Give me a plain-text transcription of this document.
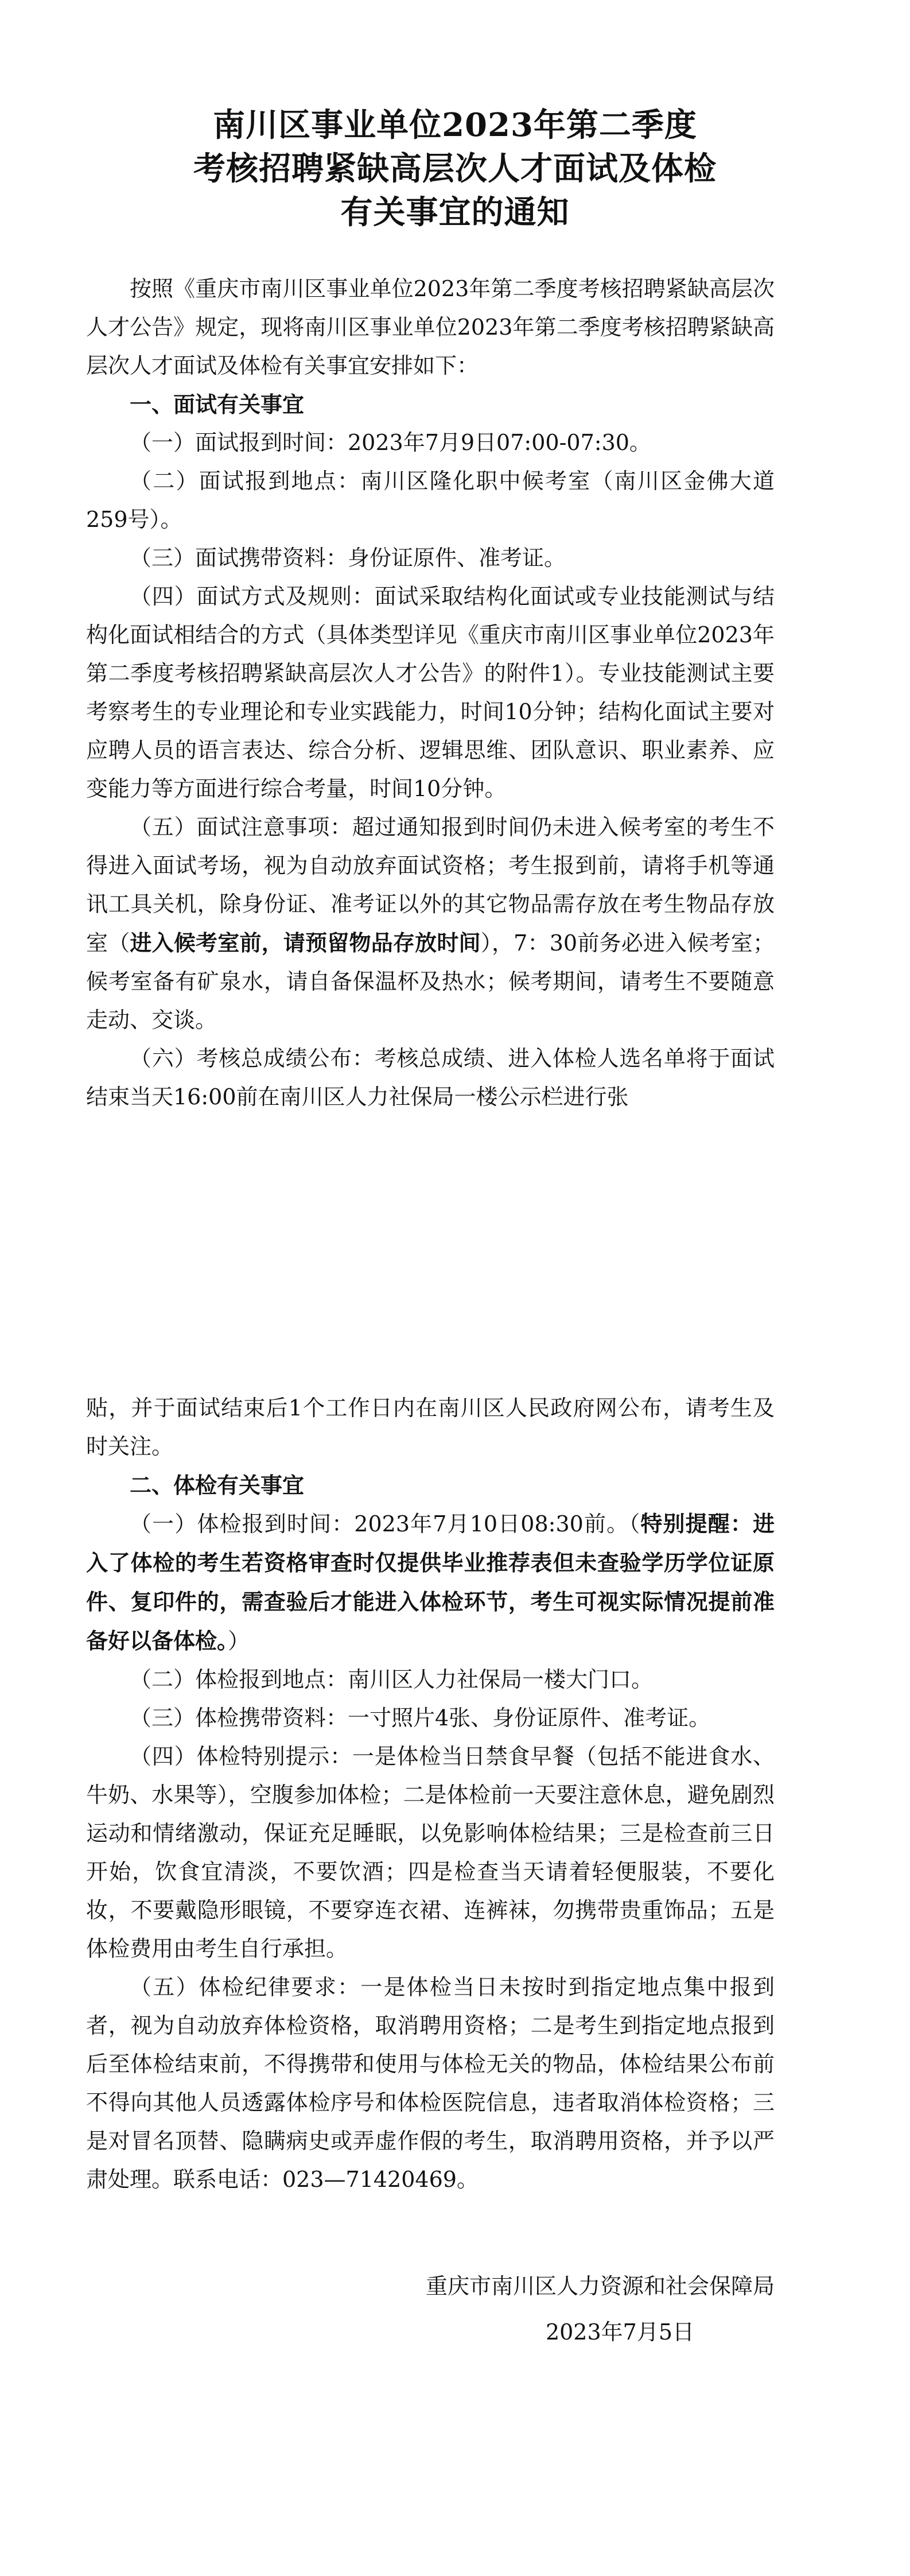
南川区事业单位2023年第二季度
考核招聘紧缺高层次人才面试及体检
有关事宜的通知

按照《重庆市南川区事业单位2023年第二季度考核招聘紧缺高层次人才公告》规定，现将南川区事业单位2023年第二季度考核招聘紧缺高层次人才面试及体检有关事宜安排如下：

一、面试有关事宜

（一）面试报到时间：2023年7月9日07:00-07:30。

（二）面试报到地点：南川区隆化职中候考室（南川区金佛大道259号）。

（三）面试携带资料：身份证原件、准考证。

（四）面试方式及规则：面试采取结构化面试或专业技能测试与结构化面试相结合的方式（具体类型详见《重庆市南川区事业单位2023年第二季度考核招聘紧缺高层次人才公告》的附件1）。专业技能测试主要考察考生的专业理论和专业实践能力，时间10分钟；结构化面试主要对应聘人员的语言表达、综合分析、逻辑思维、团队意识、职业素养、应变能力等方面进行综合考量，时间10分钟。

（五）面试注意事项：超过通知报到时间仍未进入候考室的考生不得进入面试考场，视为自动放弃面试资格；考生报到前，请将手机等通讯工具关机，除身份证、准考证以外的其它物品需存放在考生物品存放室（进入候考室前，请预留物品存放时间），7：30前务必进入候考室；候考室备有矿泉水，请自备保温杯及热水；候考期间，请考生不要随意走动、交谈。

（六）考核总成绩公布：考核总成绩、进入体检人选名单将于面试结束当天16:00前在南川区人力社保局一楼公示栏进行张

贴，并于面试结束后1个工作日内在南川区人民政府网公布，请考生及时关注。

二、体检有关事宜

（一）体检报到时间：2023年7月10日08:30前。（特别提醒：进入了体检的考生若资格审查时仅提供毕业推荐表但未查验学历学位证原件、复印件的，需查验后才能进入体检环节，考生可视实际情况提前准备好以备体检。）

（二）体检报到地点：南川区人力社保局一楼大门口。

（三）体检携带资料：一寸照片4张、身份证原件、准考证。

（四）体检特别提示：一是体检当日禁食早餐（包括不能进食水、牛奶、水果等），空腹参加体检；二是体检前一天要注意休息，避免剧烈运动和情绪激动，保证充足睡眠，以免影响体检结果；三是检查前三日开始，饮食宜清淡，不要饮酒；四是检查当天请着轻便服装，不要化妆，不要戴隐形眼镜，不要穿连衣裙、连裤袜，勿携带贵重饰品；五是体检费用由考生自行承担。

（五）体检纪律要求：一是体检当日未按时到指定地点集中报到者，视为自动放弃体检资格，取消聘用资格；二是考生到指定地点报到后至体检结束前，不得携带和使用与体检无关的物品，体检结果公布前不得向其他人员透露体检序号和体检医院信息，违者取消体检资格；三是对冒名顶替、隐瞒病史或弄虚作假的考生，取消聘用资格，并予以严肃处理。联系电话：023—71420469。

重庆市南川区人力资源和社会保障局
2023年7月5日
